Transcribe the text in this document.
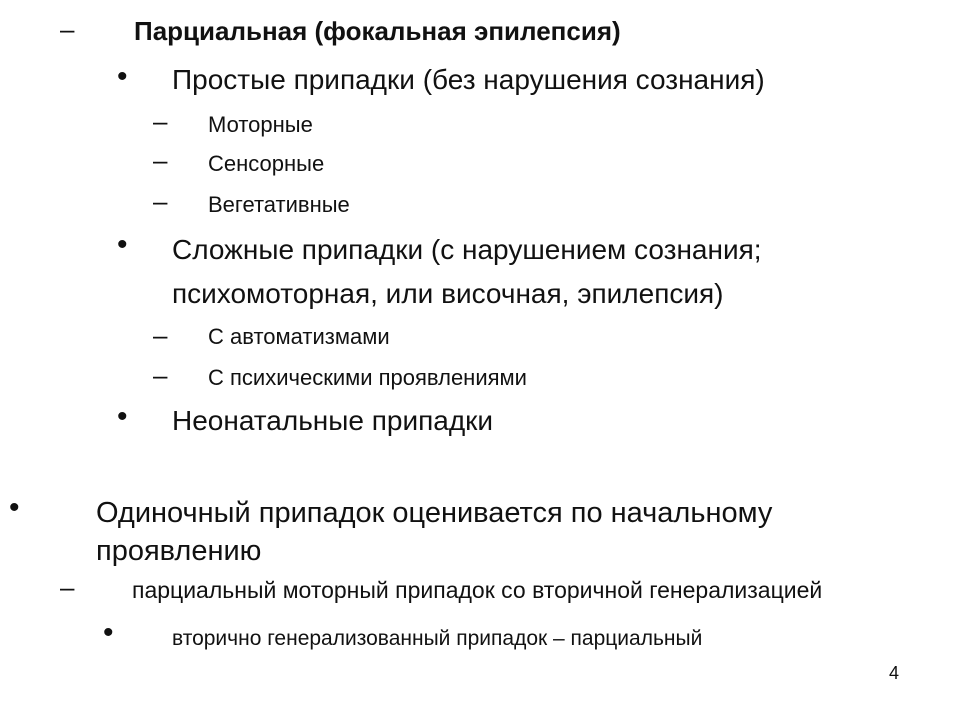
– Парциальная (фокальная эпилепсия)
• Простые припадки (без нарушения сознания)
– Моторные
– Сенсорные
– Вегетативные
• Сложные припадки (с нарушением сознания; психомоторная, или височная, эпилепсия)
– С автоматизмами
– С психическими проявлениями
• Неонатальные припадки
•	Одиночный припадок оценивается по начальному проявлению
–	парциальный моторный припадок со вторичной генерализацией
•	вторично генерализованный припадок – парциальный
4
